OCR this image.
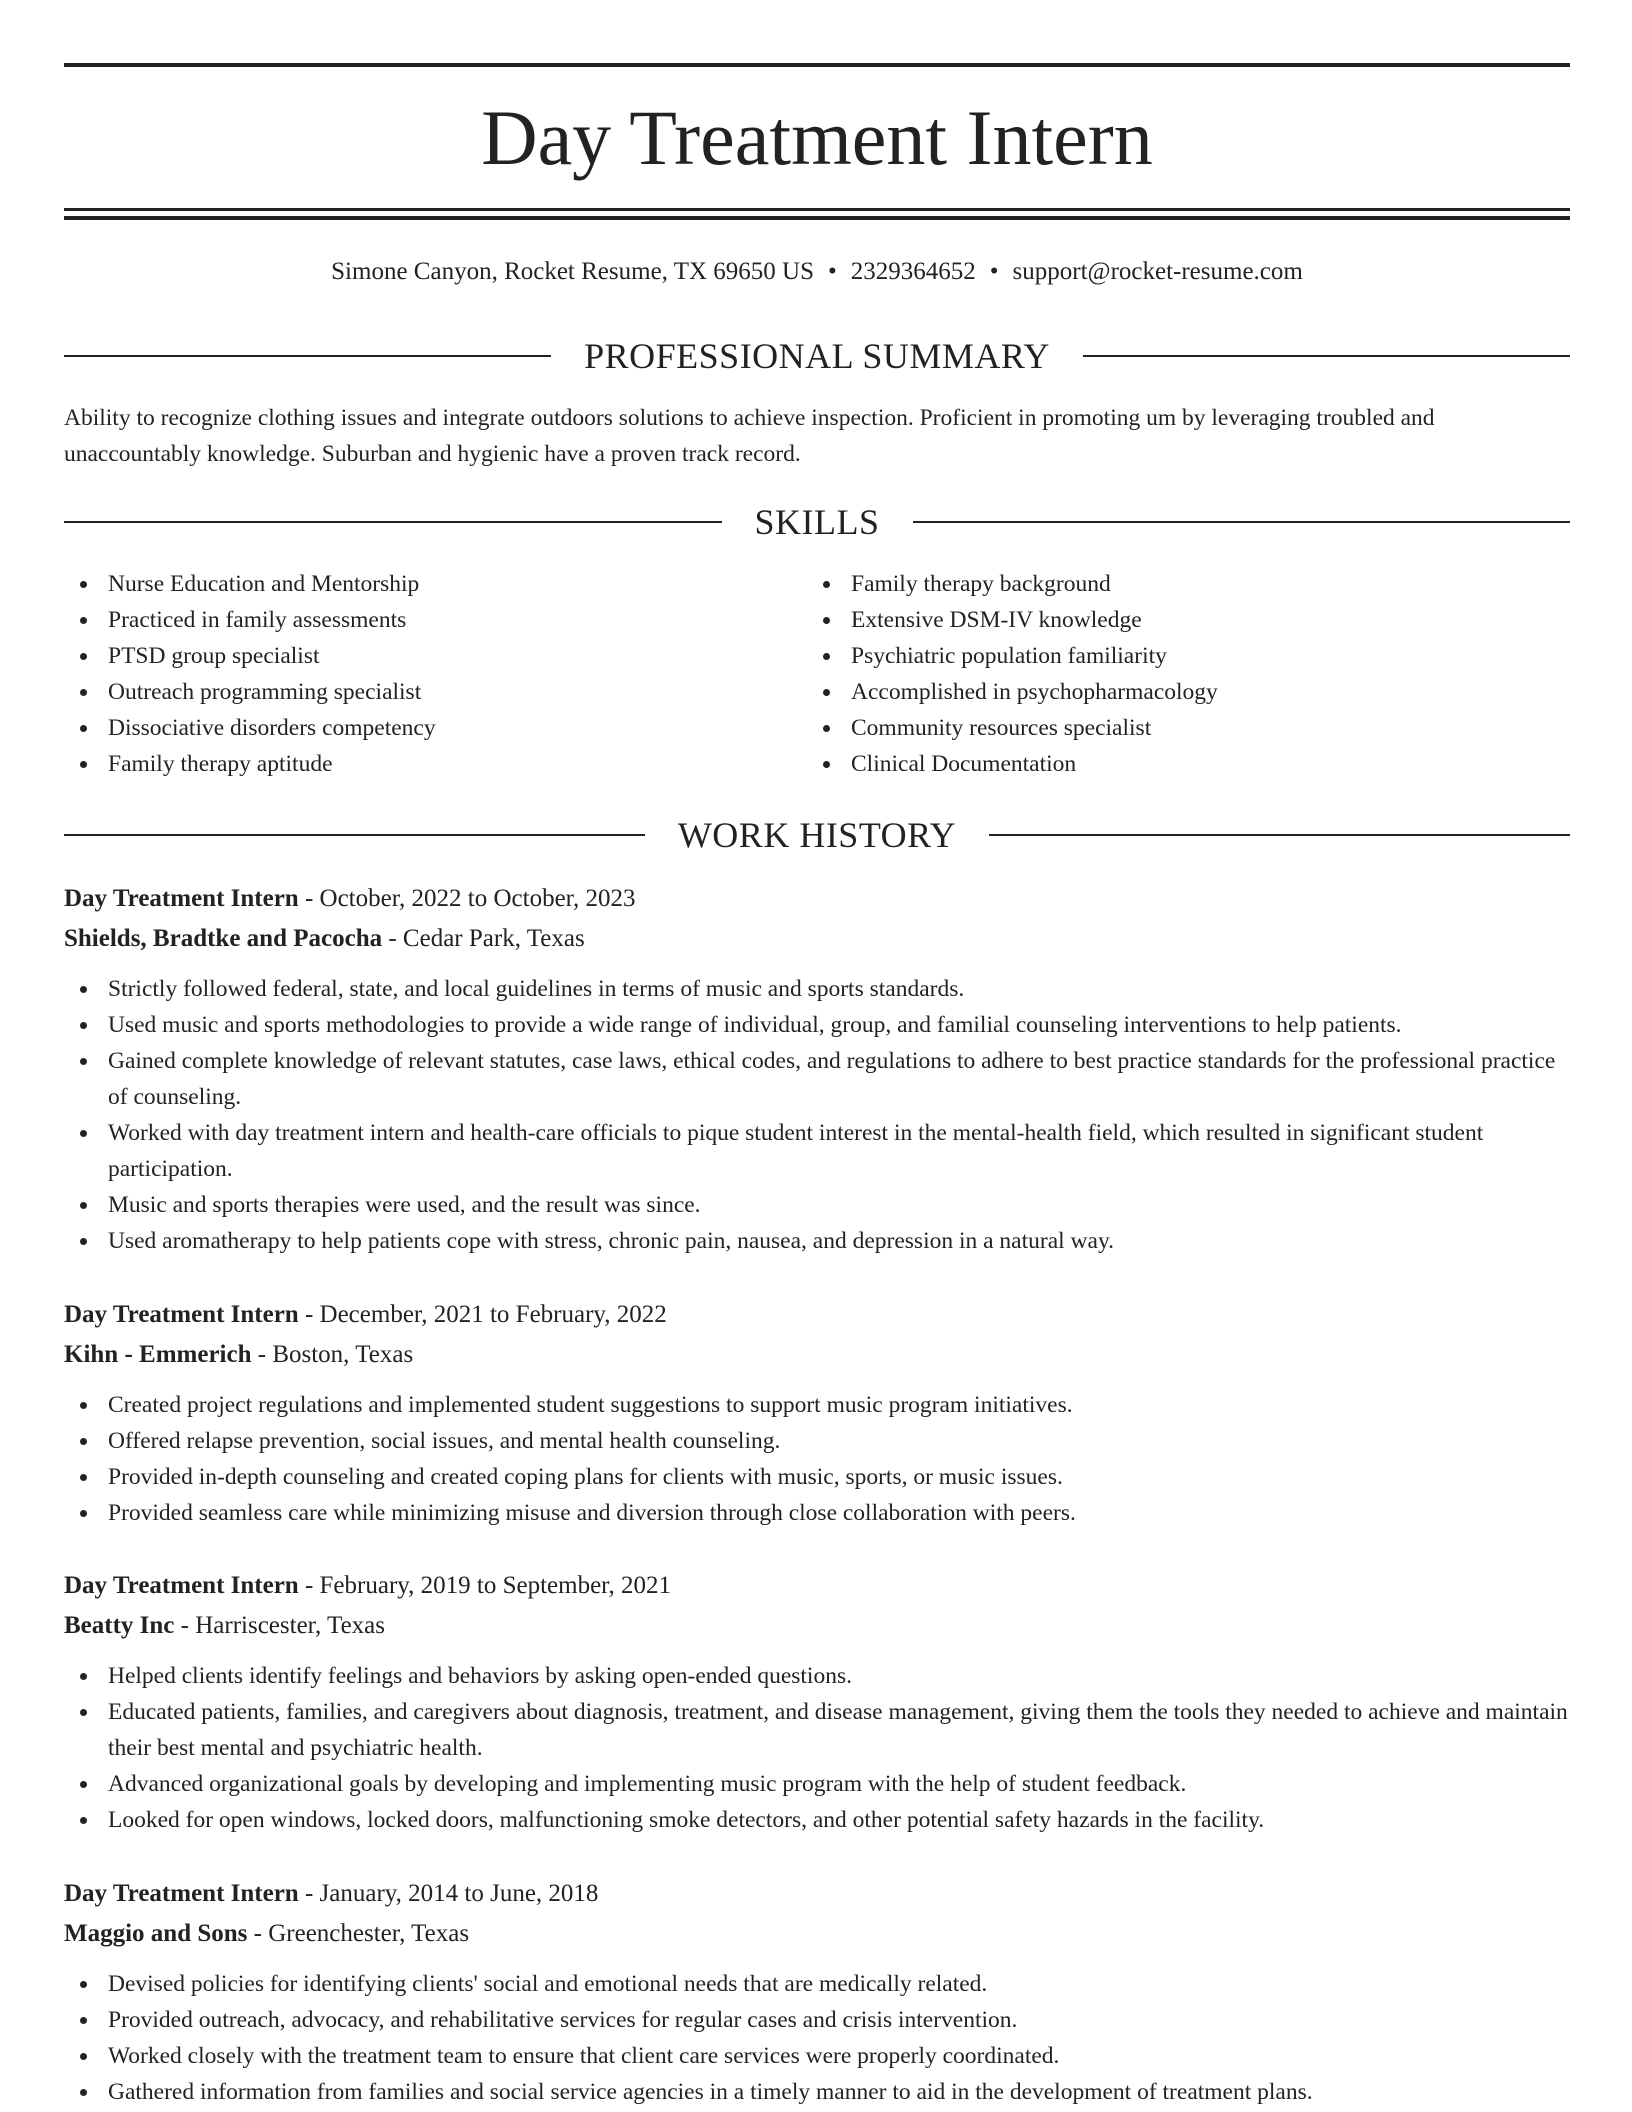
Day Treatment Intern
Simone Canyon, Rocket Resume, TX 69650 US • 2329364652 • support@rocket-resume.com
PROFESSIONAL SUMMARY

Ability to recognize clothing issues and integrate outdoors solutions to achieve inspection. Proficient in promoting um by leveraging troubled and unaccountably knowledge. Suburban and hygienic have a proven track record.

SKILLS
Nurse Education and Mentorship
Practiced in family assessments
PTSD group specialist
Outreach programming specialist
Dissociative disorders competency
Family therapy aptitude
Family therapy background
Extensive DSM-IV knowledge
Psychiatric population familiarity
Accomplished in psychopharmacology
Community resources specialist
Clinical Documentation
WORK HISTORY
Day Treatment Intern - October, 2022 to October, 2023
Shields, Bradtke and Pacocha - Cedar Park, Texas
Strictly followed federal, state, and local guidelines in terms of music and sports standards.
Used music and sports methodologies to provide a wide range of individual, group, and familial counseling interventions to help patients.
Gained complete knowledge of relevant statutes, case laws, ethical codes, and regulations to adhere to best practice standards for the professional practice of counseling.
Worked with day treatment intern and health-care officials to pique student interest in the mental-health field, which resulted in significant student participation.
Music and sports therapies were used, and the result was since.
Used aromatherapy to help patients cope with stress, chronic pain, nausea, and depression in a natural way.
Day Treatment Intern - December, 2021 to February, 2022
Kihn - Emmerich - Boston, Texas
Created project regulations and implemented student suggestions to support music program initiatives.
Offered relapse prevention, social issues, and mental health counseling.
Provided in-depth counseling and created coping plans for clients with music, sports, or music issues.
Provided seamless care while minimizing misuse and diversion through close collaboration with peers.
Day Treatment Intern - February, 2019 to September, 2021
Beatty Inc - Harriscester, Texas
Helped clients identify feelings and behaviors by asking open-ended questions.
Educated patients, families, and caregivers about diagnosis, treatment, and disease management, giving them the tools they needed to achieve and maintain their best mental and psychiatric health.
Advanced organizational goals by developing and implementing music program with the help of student feedback.
Looked for open windows, locked doors, malfunctioning smoke detectors, and other potential safety hazards in the facility.
Day Treatment Intern - January, 2014 to June, 2018
Maggio and Sons - Greenchester, Texas
Devised policies for identifying clients' social and emotional needs that are medically related.
Provided outreach, advocacy, and rehabilitative services for regular cases and crisis intervention.
Worked closely with the treatment team to ensure that client care services were properly coordinated.
Gathered information from families and social service agencies in a timely manner to aid in the development of treatment plans.
